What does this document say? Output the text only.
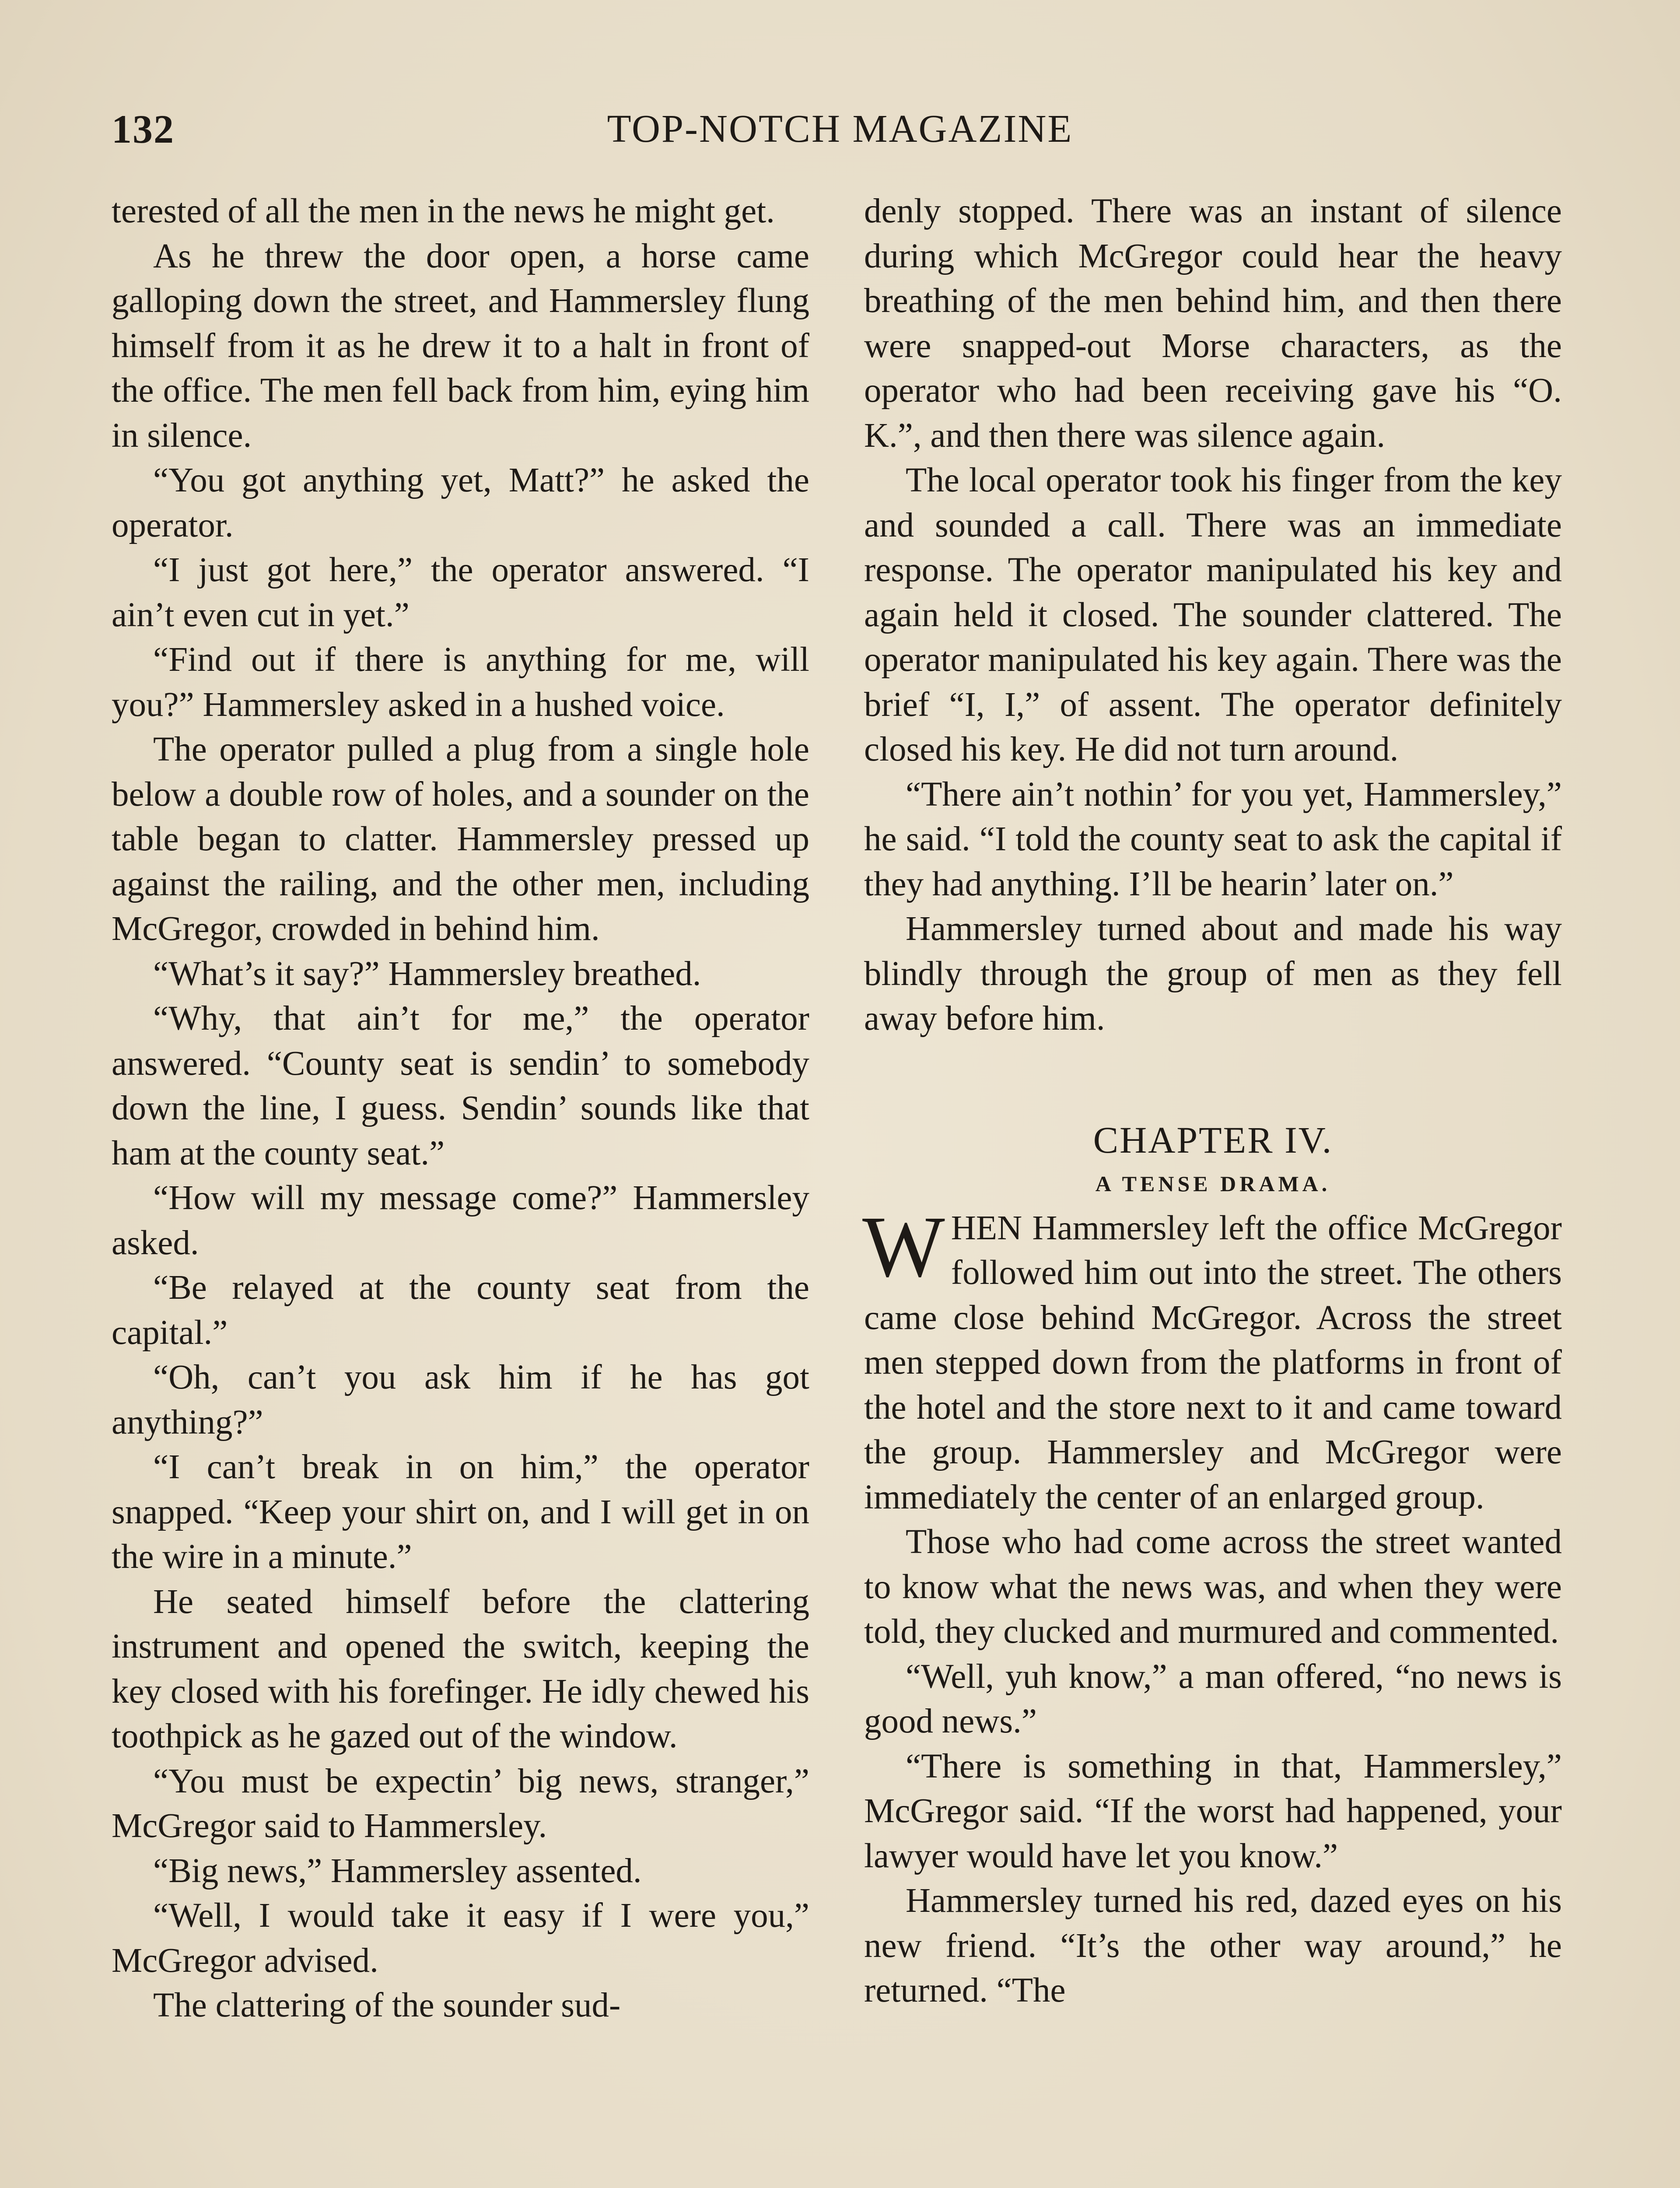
132	TOP-NOTCH MAGAZINE

terested of all the men in the news he might get.

As he threw the door open, a horse came galloping down the street, and Hammersley flung himself from it as he drew it to a halt in front of the office. The men fell back from him, eying him in silence.

“You got anything yet, Matt?” he asked the operator.

“I just got here,” the operator answered. “I ain’t even cut in yet.”

“Find out if there is anything for me, will you?” Hammersley asked in a hushed voice.

The operator pulled a plug from a single hole below a double row of holes, and a sounder on the table began to clatter. Hammersley pressed up against the railing, and the other men, including McGregor, crowded in behind him.

“What’s it say?” Hammersley breathed.

“Why, that ain’t for me,” the operator answered. “County seat is sendin’ to somebody down the line, I guess. Sendin’ sounds like that ham at the county seat.”

“How will my message come?” Hammersley asked.

“Be relayed at the county seat from the capital.”

“Oh, can’t you ask him if he has got anything?”

“I can’t break in on him,” the operator snapped. “Keep your shirt on, and I will get in on the wire in a minute.”

He seated himself before the clattering instrument and opened the switch, keeping the key closed with his forefinger. He idly chewed his toothpick as he gazed out of the window.

“You must be expectin’ big news, stranger,” McGregor said to Hammersley.

“Big news,” Hammersley assented.

“Well, I would take it easy if I were you,” McGregor advised.

The clattering of the sounder sud-

denly stopped. There was an instant of silence during which McGregor could hear the heavy breathing of the men behind him, and then there were snapped-out Morse characters, as the operator who had been receiving gave his “O. K.”, and then there was silence again.

The local operator took his finger from the key and sounded a call. There was an immediate response. The operator manipulated his key and again held it closed. The sounder clattered. The operator manipulated his key again. There was the brief “I, I,” of assent. The operator definitely closed his key. He did not turn around.

“There ain’t nothin’ for you yet, Hammersley,” he said. “I told the county seat to ask the capital if they had anything. I’ll be hearin’ later on.”

Hammersley turned about and made his way blindly through the group of men as they fell away before him.

CHAPTER IV.
A TENSE DRAMA.

WHEN Hammersley left the office McGregor followed him out into the street. The others came close behind McGregor. Across the street men stepped down from the platforms in front of the hotel and the store next to it and came toward the group. Hammersley and McGregor were immediately the center of an enlarged group.

Those who had come across the street wanted to know what the news was, and when they were told, they clucked and murmured and commented.

“Well, yuh know,” a man offered, “no news is good news.”

“There is something in that, Hammersley,” McGregor said. “If the worst had happened, your lawyer would have let you know.”

Hammersley turned his red, dazed eyes on his new friend. “It’s the other way around,” he returned. “The
